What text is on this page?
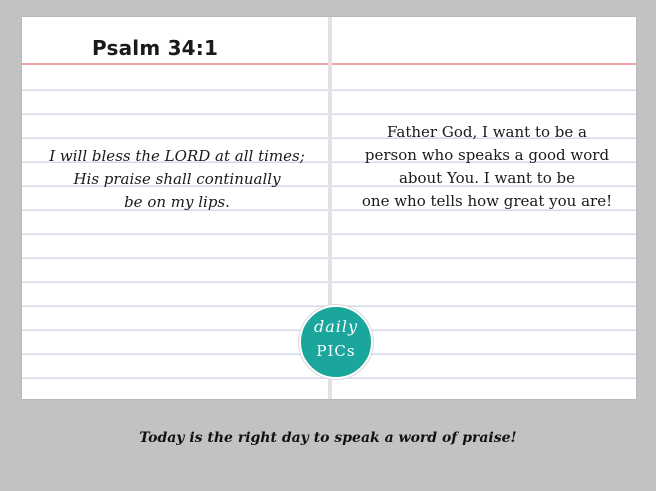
Psalm 34:1
I will bless the LORD at all times;
His praise shall continually
be on my lips.
Father God, I want to be a
person who speaks a good word
about You. I want to be
one who tells how great you are!
daily
PICs
Today is the right day to speak a word of praise!
